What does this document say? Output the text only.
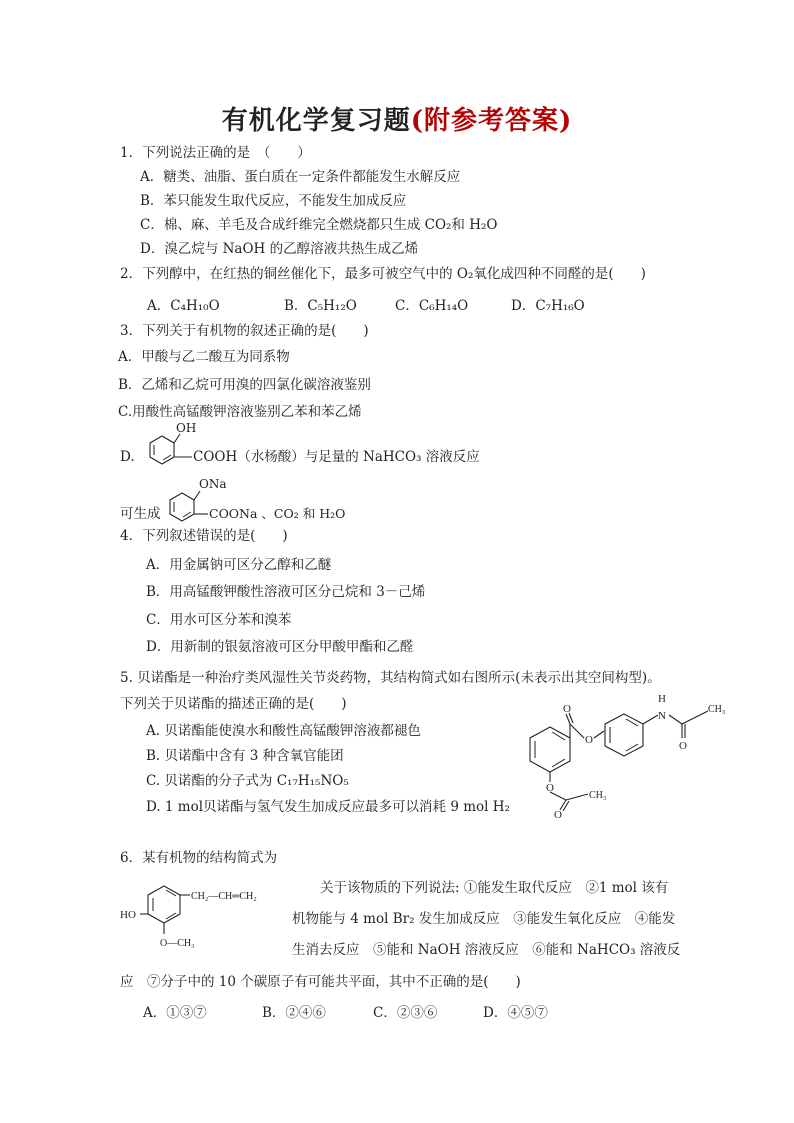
有机化学复习题(附参考答案)
1．下列说法正确的是　（　　）
A．糖类、油脂、蛋白质在一定条件都能发生水解反应
B．苯只能发生取代反应，不能发生加成反应
C．棉、麻、羊毛及合成纤维完全燃烧都只生成 CO₂和 H₂O
D．溴乙烷与 NaOH 的乙醇溶液共热生成乙烯
2．下列醇中，在红热的铜丝催化下，最多可被空气中的 O₂氧化成四种不同醛的是(　　)
A．C₄H₁₀O	B．C₅H₁₂O	C．C₆H₁₄O	D．C₇H₁₆O
3．下列关于有机物的叙述正确的是(　　)
A．甲酸与乙二酸互为同系物
B．乙烯和乙烷可用溴的四氯化碳溶液鉴别
C.用酸性高锰酸钾溶液鉴别乙苯和苯乙烯
D.
OH
COOH（水杨酸）与足量的 NaHCO₃ 溶液反应
可生成
ONa
COONa 、CO₂ 和 H₂O
4．下列叙述错误的是(　　)
A．用金属钠可区分乙醇和乙醚
B．用高锰酸钾酸性溶液可区分己烷和 3－己烯
C．用水可区分苯和溴苯
D．用新制的银氨溶液可区分甲酸甲酯和乙醛
5. 贝诺酯是一种治疗类风湿性关节炎药物，其结构简式如右图所示(未表示出其空间构型)。
下列关于贝诺酯的描述正确的是(　　)
A. 贝诺酯能使溴水和酸性高锰酸钾溶液都褪色
B. 贝诺酯中含有 3 种含氧官能团
C. 贝诺酯的分子式为 C₁₇H₁₅NO₅
D. 1 mol贝诺酯与氢气发生加成反应最多可以消耗 9 mol H₂
H
N
O
O	O
O
O
CH₃
CH₃
6．某有机物的结构简式为
CH₂—CH═CH₂
HO
O—CH₃
关于该物质的下列说法: ①能发生取代反应　②1 mol 该有
机物能与 4 mol Br₂ 发生加成反应　③能发生氧化反应　④能发
生消去反应　⑤能和 NaOH 溶液反应　⑥能和 NaHCO₃ 溶液反
应　⑦分子中的 10 个碳原子有可能共平面，其中不正确的是(　　)
A．①③⑦	B．②④⑥	C．②③⑥	D．④⑤⑦
